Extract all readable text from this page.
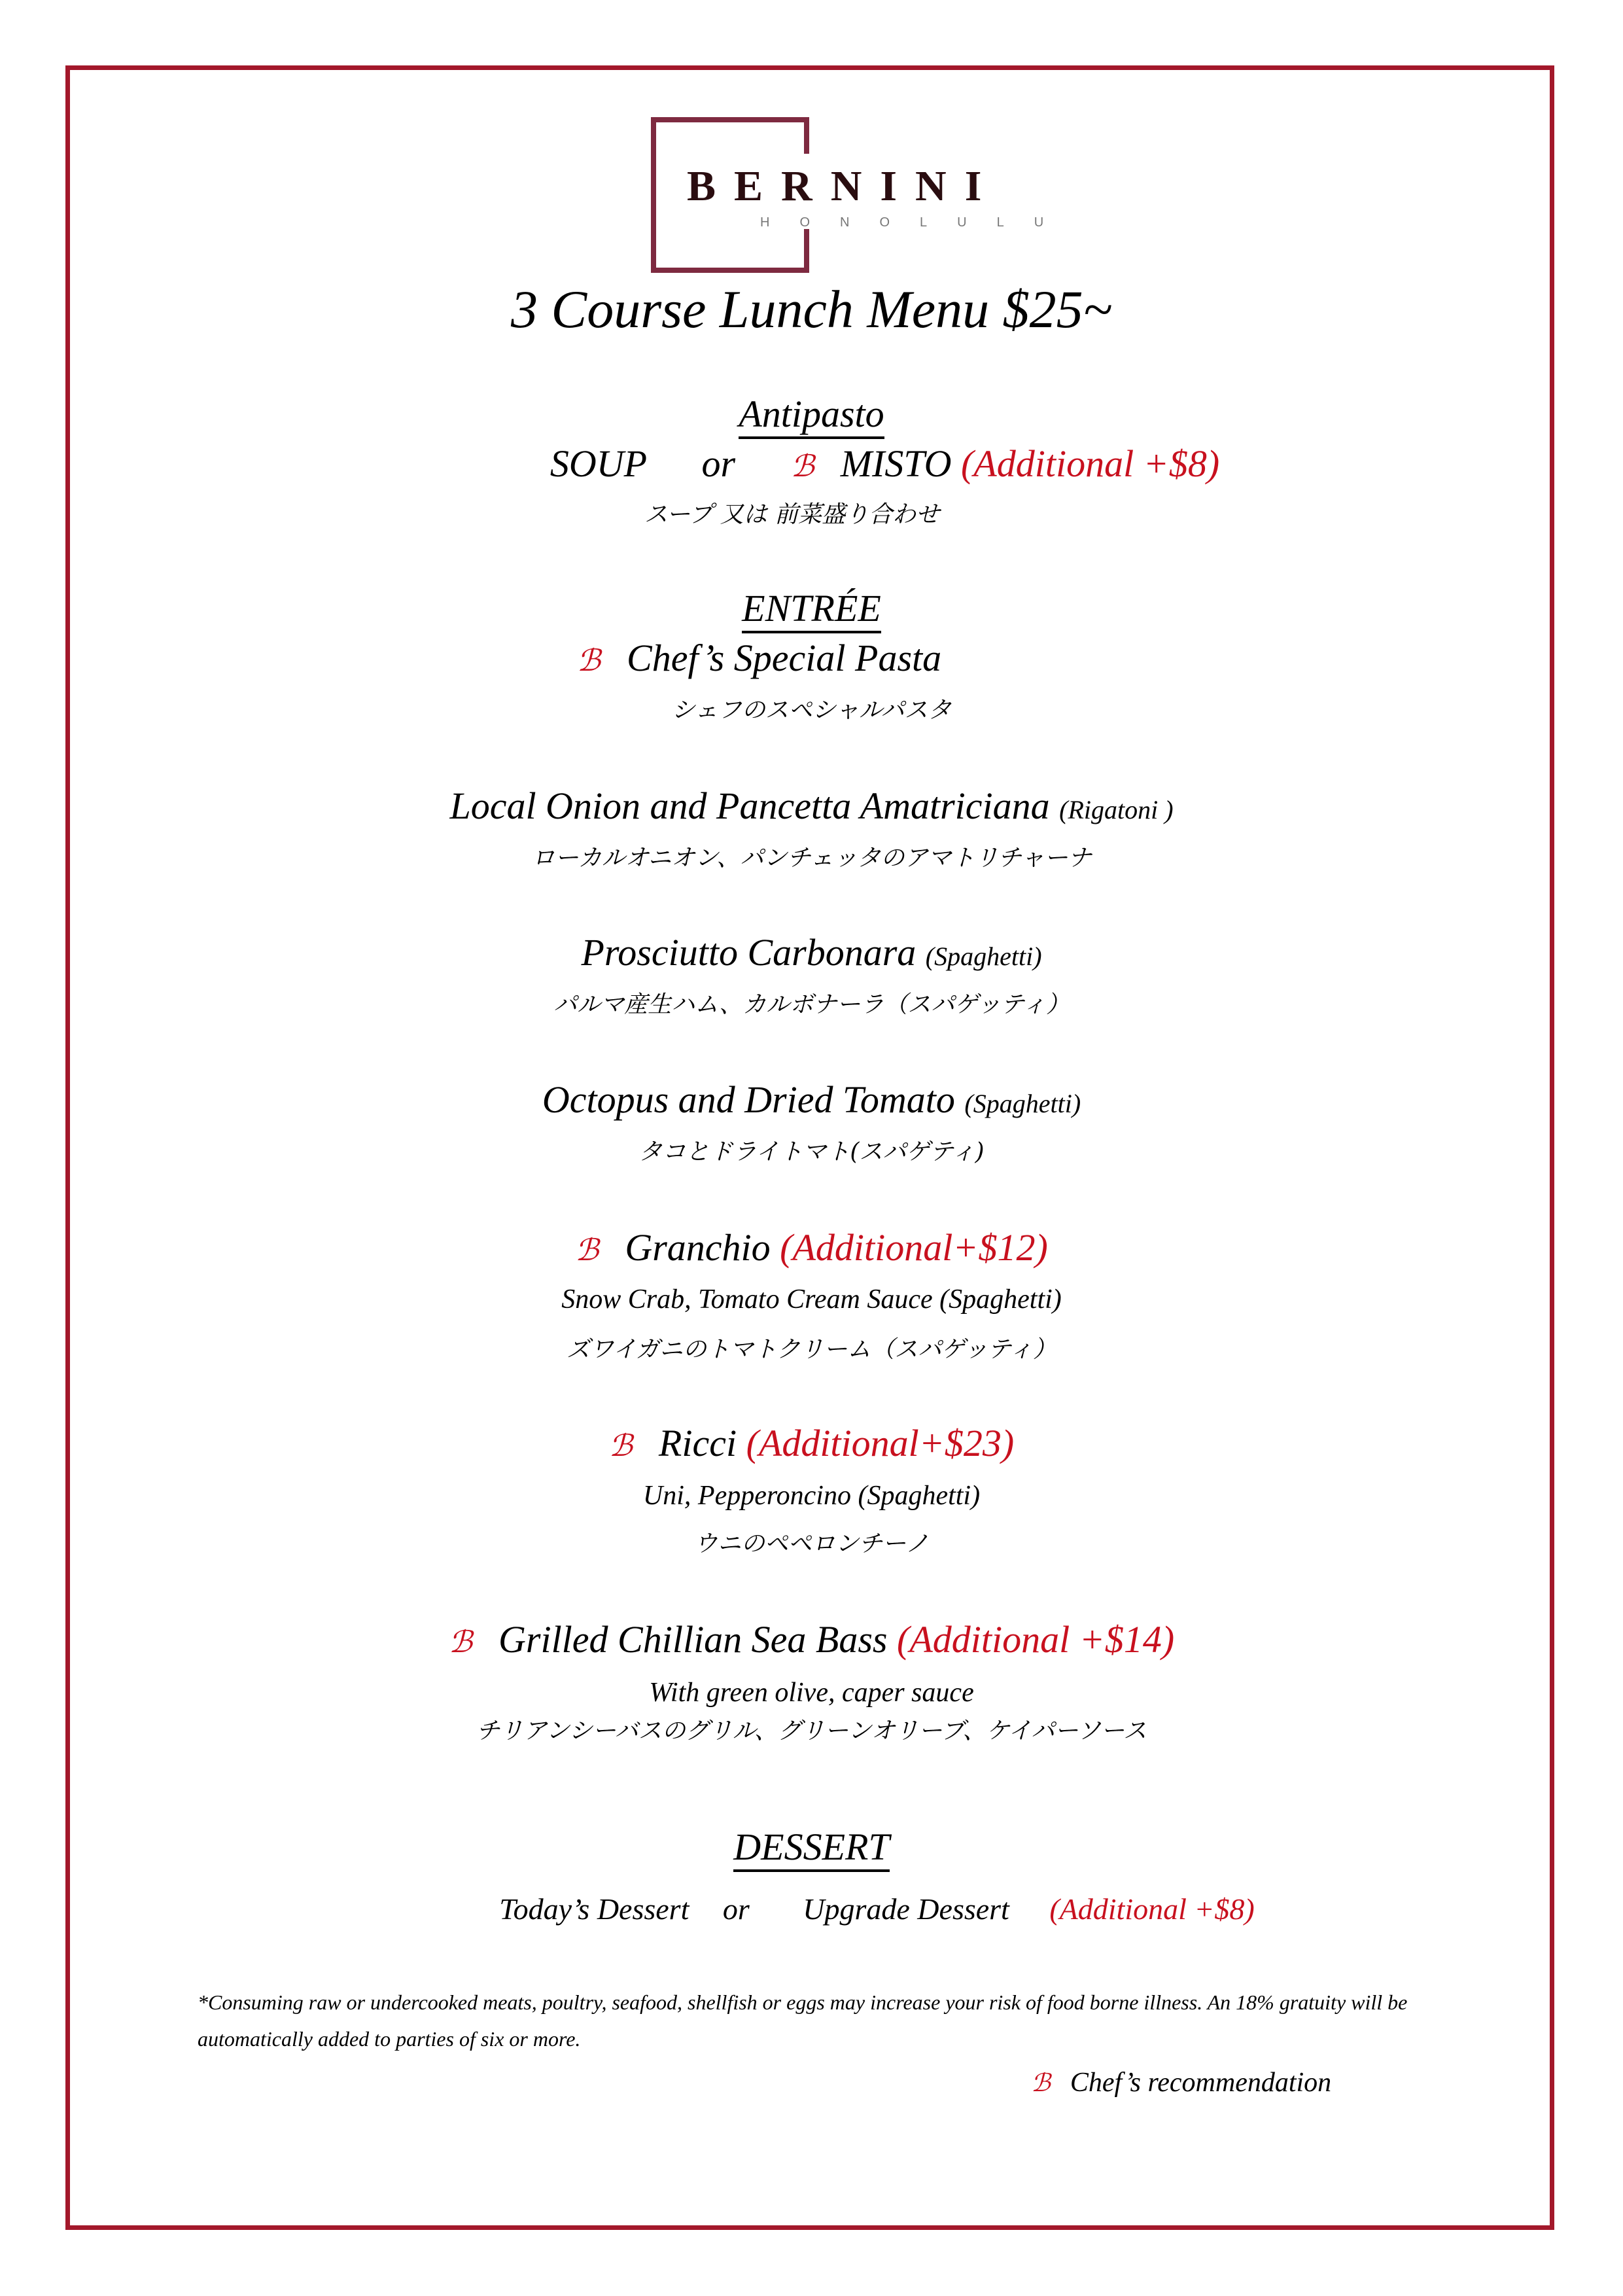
BERNINI
HONOLULU
3 Course Lunch Menu $25~
Antipasto
SOUP or ℬ MISTO (Additional +$8)
スープ 又は 前菜盛り合わせ
ENTRÉE
ℬ Chef’s Special Pasta
シェフのスペシャルパスタ
Local Onion and Pancetta Amatriciana (Rigatoni )
ローカルオニオン、パンチェッタのアマトリチャーナ
Prosciutto Carbonara (Spaghetti)
パルマ産生ハム、カルボナーラ（スパゲッティ）
Octopus and Dried Tomato (Spaghetti)
タコとドライトマト(スパゲティ)
ℬ Granchio (Additional+$12)
Snow Crab, Tomato Cream Sauce (Spaghetti)
ズワイガニのトマトクリーム（スパゲッティ）
ℬ Ricci (Additional+$23)
Uni, Pepperoncino (Spaghetti)
ウニのペペロンチーノ
ℬ Grilled Chillian Sea Bass (Additional +$14)
With green olive, caper sauce
チリアンシーバスのグリル、グリーンオリーブ、ケイパーソース
DESSERT
Today’s Dessert or Upgrade Dessert (Additional +$8)
*Consuming raw or undercooked meats, poultry, seafood, shellfish or eggs may increase your risk of food borne illness. An 18% gratuity will be automatically added to parties of six or more.
ℬ Chef’s recommendation
sirved
